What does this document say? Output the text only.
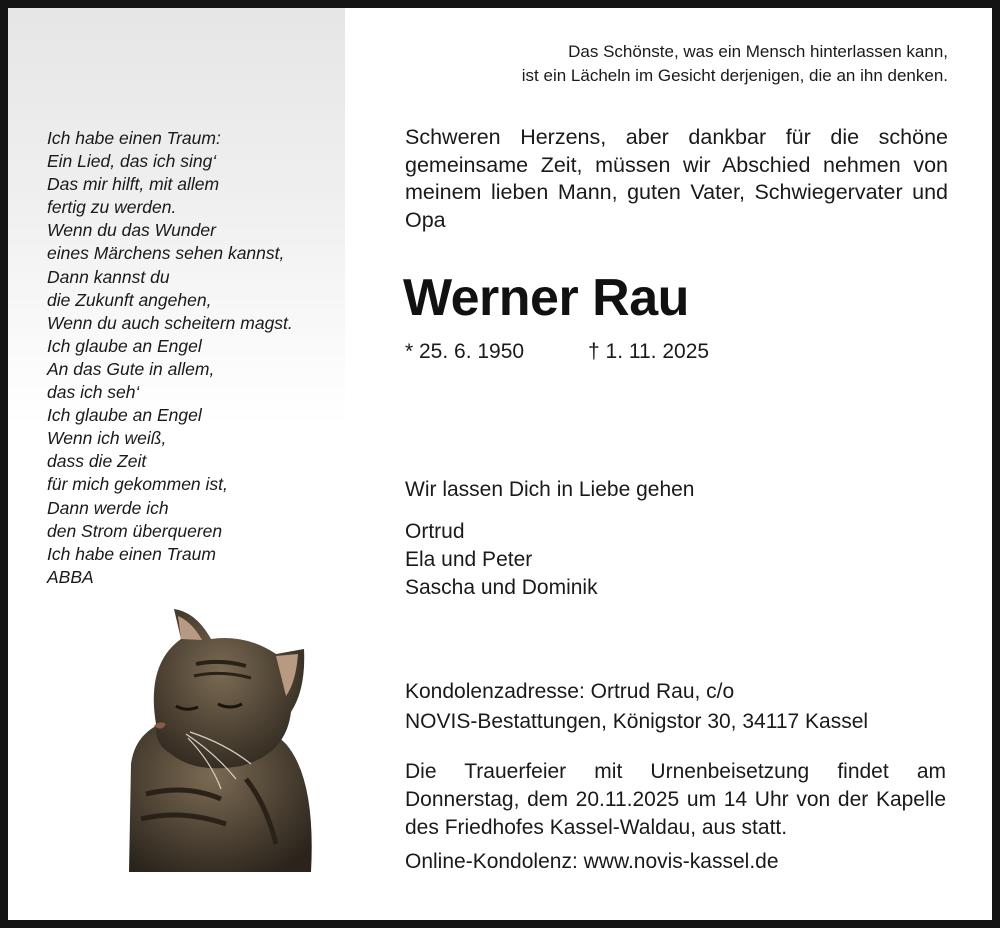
Ich habe einen Traum:
Ein Lied, das ich sing‘
Das mir hilft, mit allem
fertig zu werden.
Wenn du das Wunder
eines Märchens sehen kannst,
Dann kannst du
die Zukunft angehen,
Wenn du auch scheitern magst.
Ich glaube an Engel
An das Gute in allem,
das ich seh‘
Ich glaube an Engel
Wenn ich weiß,
dass die Zeit
für mich gekommen ist,
Dann werde ich
den Strom überqueren
Ich habe einen Traum
ABBA
Das Schönste, was ein Mensch hinterlassen kann,
ist ein Lächeln im Gesicht derjenigen, die an ihn denken.
Schweren Herzens, aber dankbar für die schöne gemeinsame Zeit, müssen wir Abschied nehmen von meinem lieben Mann, guten Vater, Schwiegervater und Opa
Werner Rau
* 25. 6. 1950	† 1. 11. 2025
Wir lassen Dich in Liebe gehen
Ortrud
Ela und Peter
Sascha und Dominik
Kondolenzadresse: Ortrud Rau, c/o
NOVIS-Bestattungen, Königstor 30, 34117 Kassel
Die Trauerfeier mit Urnenbeisetzung findet am Donnerstag, dem 20.11.2025 um 14 Uhr von der Kapelle des Friedhofes Kassel-Waldau, aus statt.
Online-Kondolenz: www.novis-kassel.de
